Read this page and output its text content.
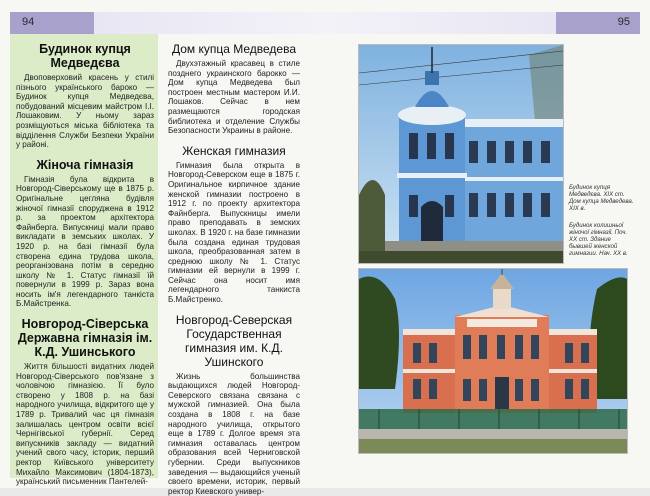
94	95
Будинок купця Медведєва

Двоповерховий красень у стилі пізнього українського бароко — Будинок купця Медведєва, побудований місцевим майстром І.І. Лошаковим. У ньому зараз розміщуються міська бібліотека та відділення Служби Безпеки України у районі.

Жіноча гімназія

Гімназія була відкрита в Новгород-Сіверському ще в 1875 р. Оригінальне цегляна будівля жіночої гімназії споруджена в 1912 р. за проектом архітектора Файнберга. Випускниці мали право викладати в земських школах. У 1920 р. на базі гімназії була створена єдина трудова школа, реорганізована потім в середню школу № 1. Статус гімназії їй повернули в 1999 р. Зараз вона носить ім'я легендарного танкіста Б.Майстренка.

Новгород-Сіверська Державна гімназія ім. К.Д. Ушинського

Життя більшості видатних людей Новгород-Сіверського пов'язане з чоловічою гімназією. Її було створено у 1808 р. на базі народного училища, відкритого ще у 1789 р. Тривалий час ця гімназія залишалась центром освіти всієї Чернігівської губернії. Серед випускників закладу — видатний учений свого часу, історик, перший ректор Київського університету Михайло Максимович (1804-1873), український письменник Пантелей-

Дом купца Медведева

Двухэтажный красавец в стиле позднего украинского барокко — Дом купца Медведева был построен местным мастером И.И. Лошаков. Сейчас в нем размещаются городская библиотека и отделение Службы Безопасности Украины в районе.

Женская гимназия

Гимназия была открыта в Новгород-Северском еще в 1875 г. Оригинальное кирпичное здание женской гимназии построено в 1912 г. по проекту архитектора Файнберга. Выпускницы имели право преподавать в земских школах. В 1920 г. на базе гимназии была создана единая трудовая школа, преобразованная затем в среднюю школу № 1. Статус гимназии ей вернули в 1999 г. Сейчас она носит имя легендарного танкиста Б.Майстренко.

Новгород-Северская Государственная гимназия им. К.Д. Ушинского

Жизнь большинства выдающихся людей Новгород-Северского связана связана с мужской гимназией. Она была создана в 1808 г. на базе народного училища, открытого еще в 1789 г. Долгое время эта гимназия оставалась центром образования всей Черниговской губернии. Среди выпускников заведения — выдающийся ученый своего времени, историк, первый ректор Киевского универ-

Будинок купця Медведєва. XIX ст. Дом купца Медведева. XIX в.
Будинок колишньої жіночої гімназії. Поч. XX ст. Здание бывшей женской гимназии. Нач. XX в.
